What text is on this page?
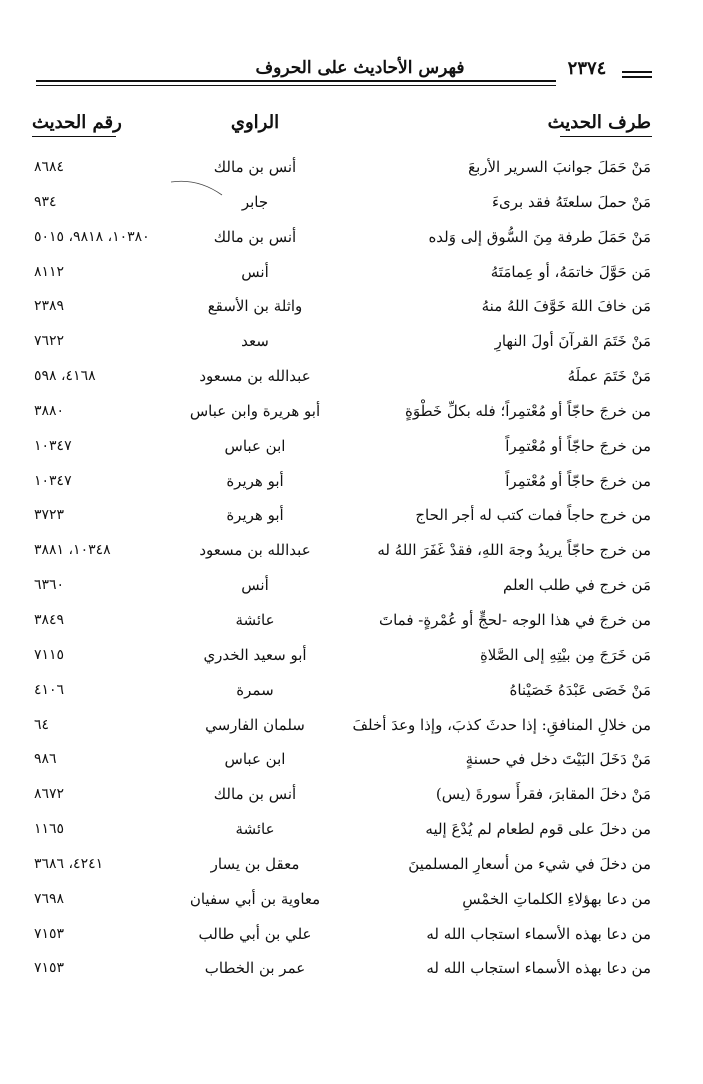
٢٣٧٤
فهرس الأحاديث على الحروف
طرف الحديث
الراوي
رقم الحديث
مَنْ حَمَلَ جوانبَ السرير الأربعَ
أنس بن مالك
٨٦٨٤
مَنْ حملَ سلعتَهُ فقد برىءَ
جابر
٩٣٤
مَنْ حَمَلَ طرفة مِنَ السُّوق إلى وَلده
أنس بن مالك
١٠٣٨٠، ٩٨١٨، ٥٠١٥
مَن حَوَّلَ خاتمَهُ، أو عِمامَتَهُ
أنس
٨١١٢
مَن خافَ اللهَ خَوَّفَ اللهُ منهُ
واثلة بن الأسقع
٢٣٨٩
مَنْ خَتَمَ القرآنَ أولَ النهارِ
سعد
٧٦٢٢
مَنْ خَتَمَ عملَهُ
عبدالله بن مسعود
٤١٦٨، ٥٩٨
من خرجَ حاجّاً أو مُعْتمِراً؛ فله بكلِّ خَطْوَةٍ
أبو هريرة وابن عباس
٣٨٨٠
من خرجَ حاجّاً أو مُعْتمِراً
ابن عباس
١٠٣٤٧
من خرجَ حاجّاً أو مُعْتمِراً
أبو هريرة
١٠٣٤٧
من خرج حاجاً فمات كتب له أجر الحاج
أبو هريرة
٣٧٢٣
من خرج حاجّاً يريدُ وجهَ اللهِ، فقدْ غَفَرَ اللهُ له
عبدالله بن مسعود
١٠٣٤٨، ٣٨٨١
مَن خرج في طلب العلم
أنس
٦٣٦٠
من خرجَ في هذا الوجه -لحجٍّ أو عُمْرةٍ- فماتَ
عائشة
٣٨٤٩
مَن خَرَجَ مِن بيْتِهِ إلى الصَّلاةِ
أبو سعيد الخدري
٧١١٥
مَنْ خَصَى عَبْدَهُ خَصَيْناهُ
سمرة
٤١٠٦
من خلالِ المنافقِ: إذا حدثَ كذبَ، وإذا وعدَ أخلفَ
سلمان الفارسي
٦٤
مَنْ دَخَلَ البَيْتَ دخل في حسنةٍ
ابن عباس
٩٨٦
مَنْ دخلَ المقابرَ، فقرأَ سورةَ (يس)
أنس بن مالك
٨٦٧٢
من دخلَ على قوم لطعام لم يُدْعَ إليه
عائشة
١١٦٥
من دخلَ في شيء من أسعارِ المسلمينَ
معقل بن يسار
٤٢٤١، ٣٦٨٦
من دعا بهؤلاءِ الكلماتِ الخمْسِ
معاوية بن أبي سفيان
٧٦٩٨
من دعا بهذه الأسماء استجاب الله له
علي بن أبي طالب
٧١٥٣
من دعا بهذه الأسماء استجاب الله له
عمر بن الخطاب
٧١٥٣
